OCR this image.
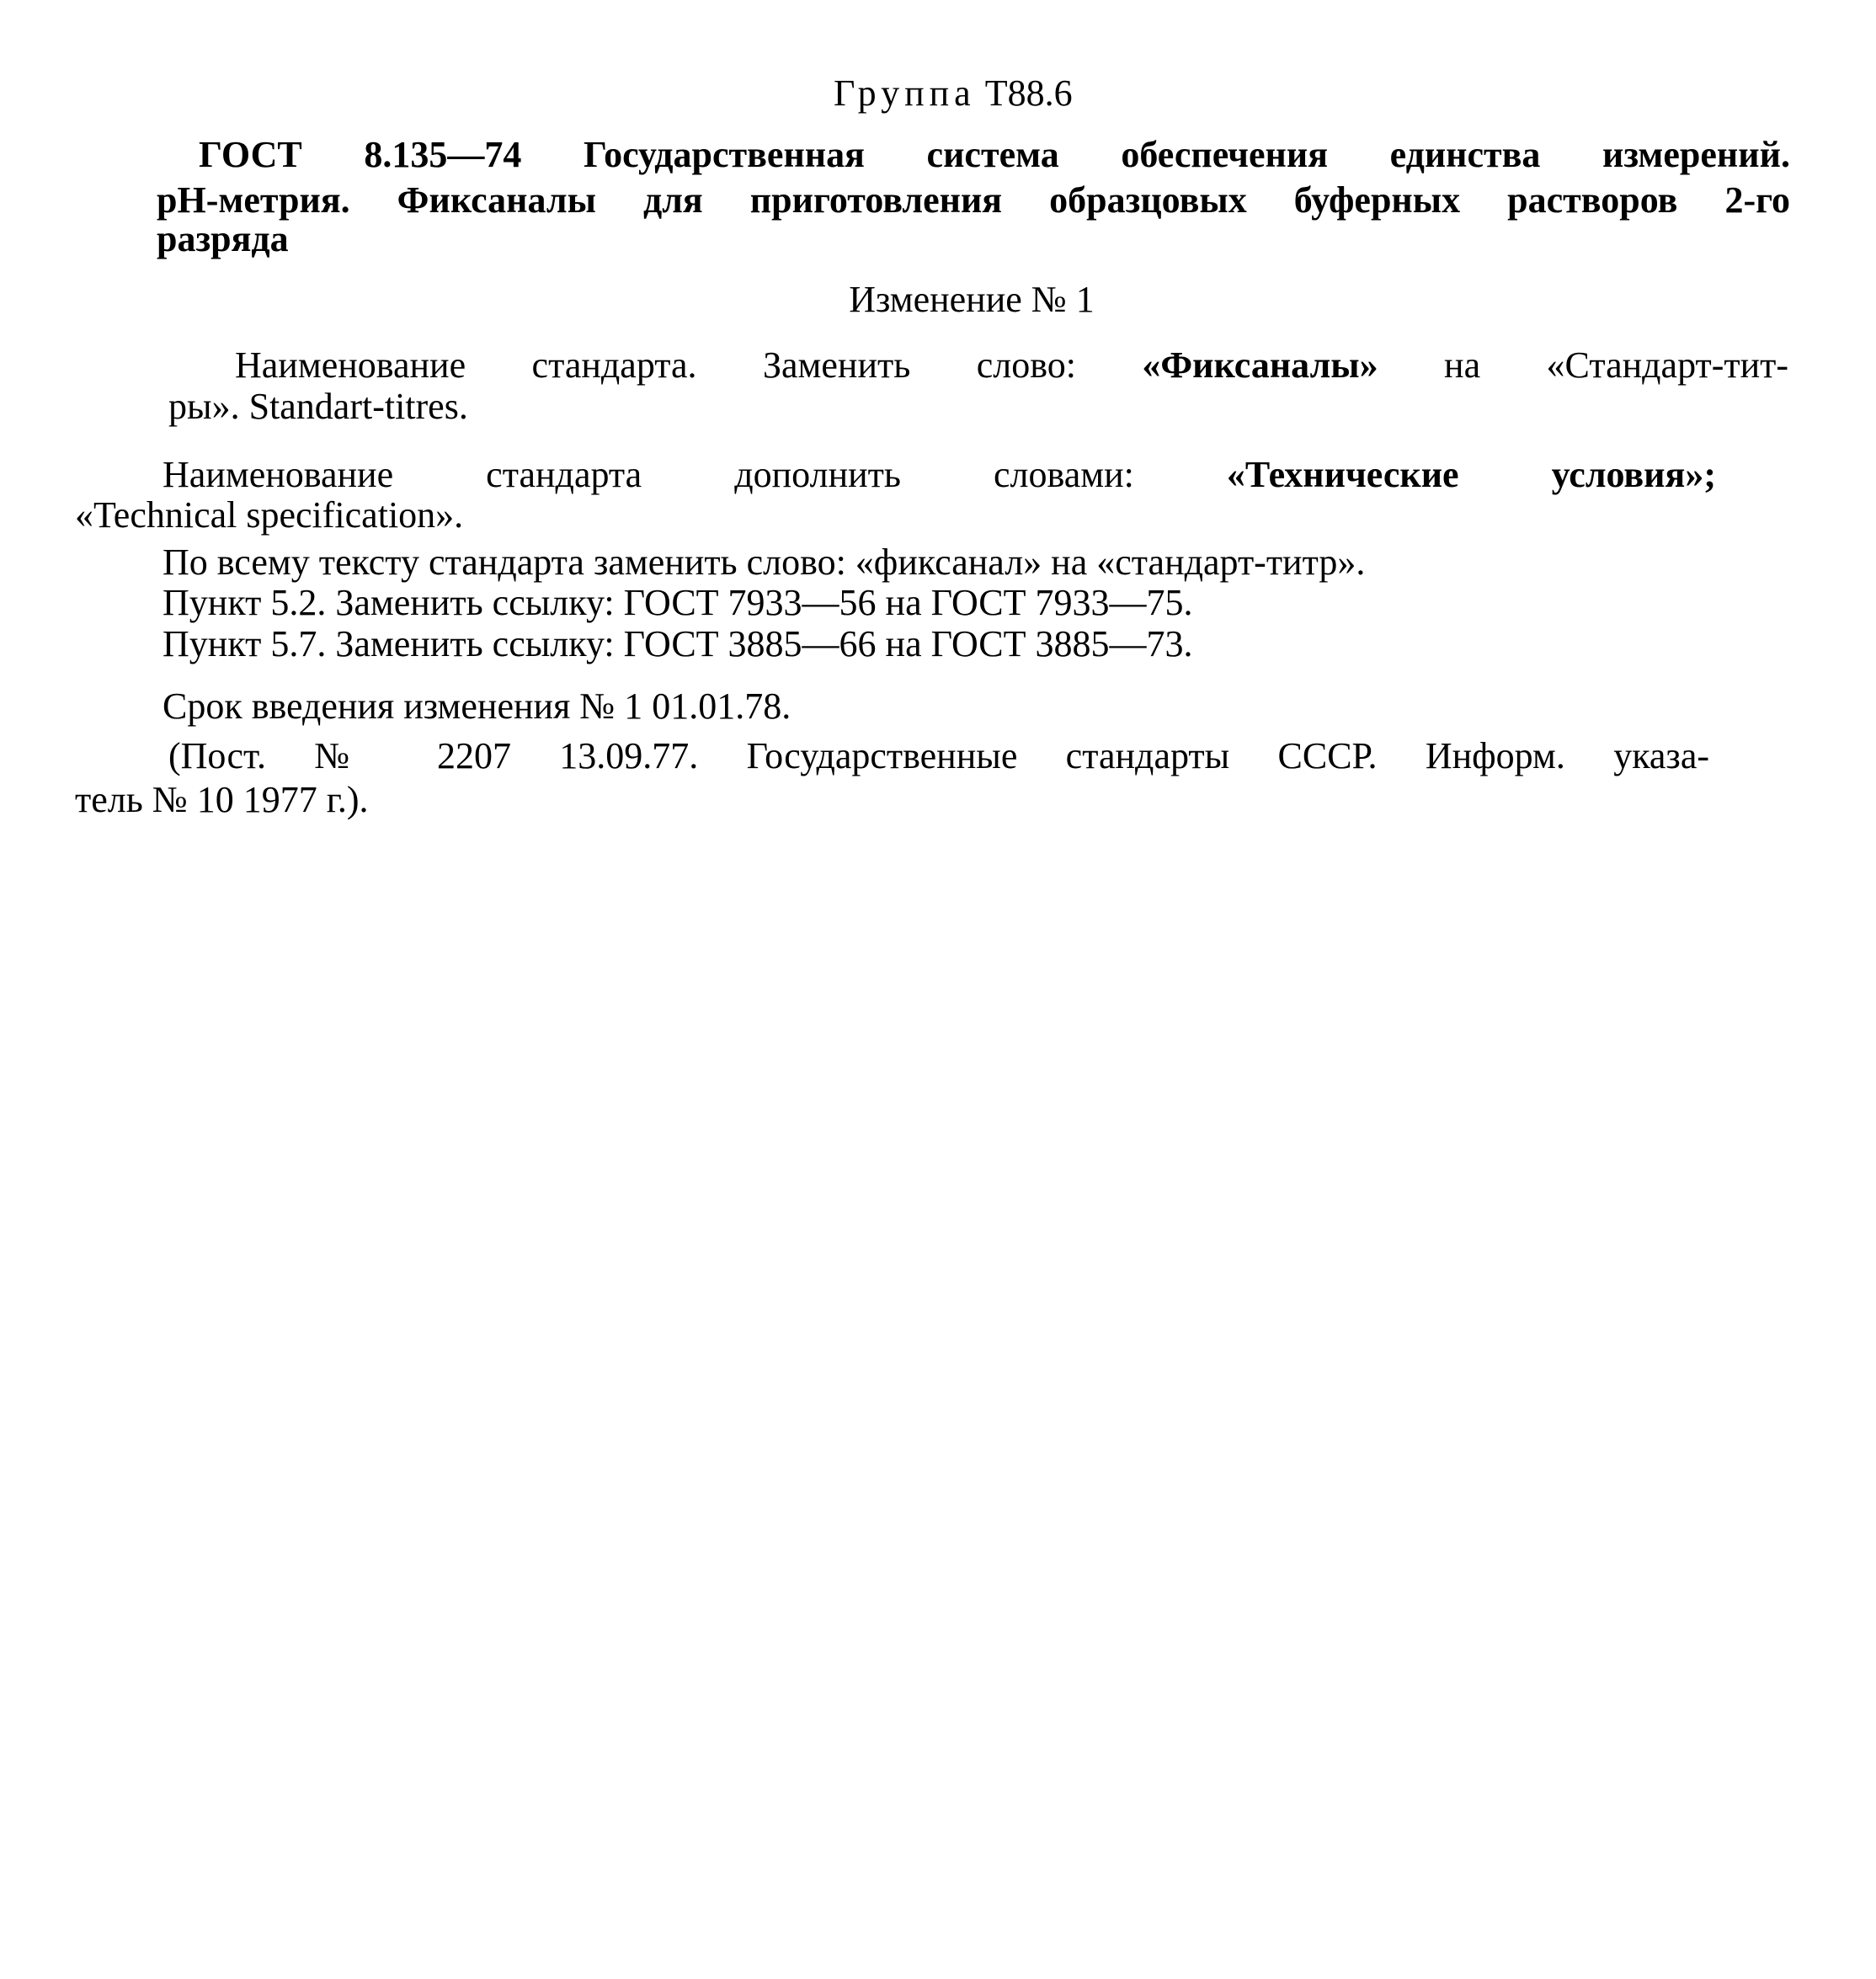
Группа Т88.6
ГОСТ 8.135—74 Государственная система обеспечения единства измерений.
рН-метрия. Фиксаналы для приготовления образцовых буферных растворов 2-го
разряда
Изменение № 1
Наименование стандарта. Заменить слово: «Фиксаналы» на «Стандарт-тит-
ры». Standart-titres.
Наименование стандарта дополнить словами:	«Технические условия»;
«Technical specification».
По всему тексту стандарта заменить слово: «фиксанал» на «стандарт-титр».
Пункт 5.2. Заменить ссылку: ГОСТ 7933—56 на ГОСТ 7933—75.
Пункт 5.7. Заменить ссылку: ГОСТ 3885—66 на ГОСТ 3885—73.
Срок введения изменения № 1 01.01.78.
(Пост. № 2207 13.09.77. Государственные стандарты СССР. Информ. указа-
тель № 10 1977 г.).
